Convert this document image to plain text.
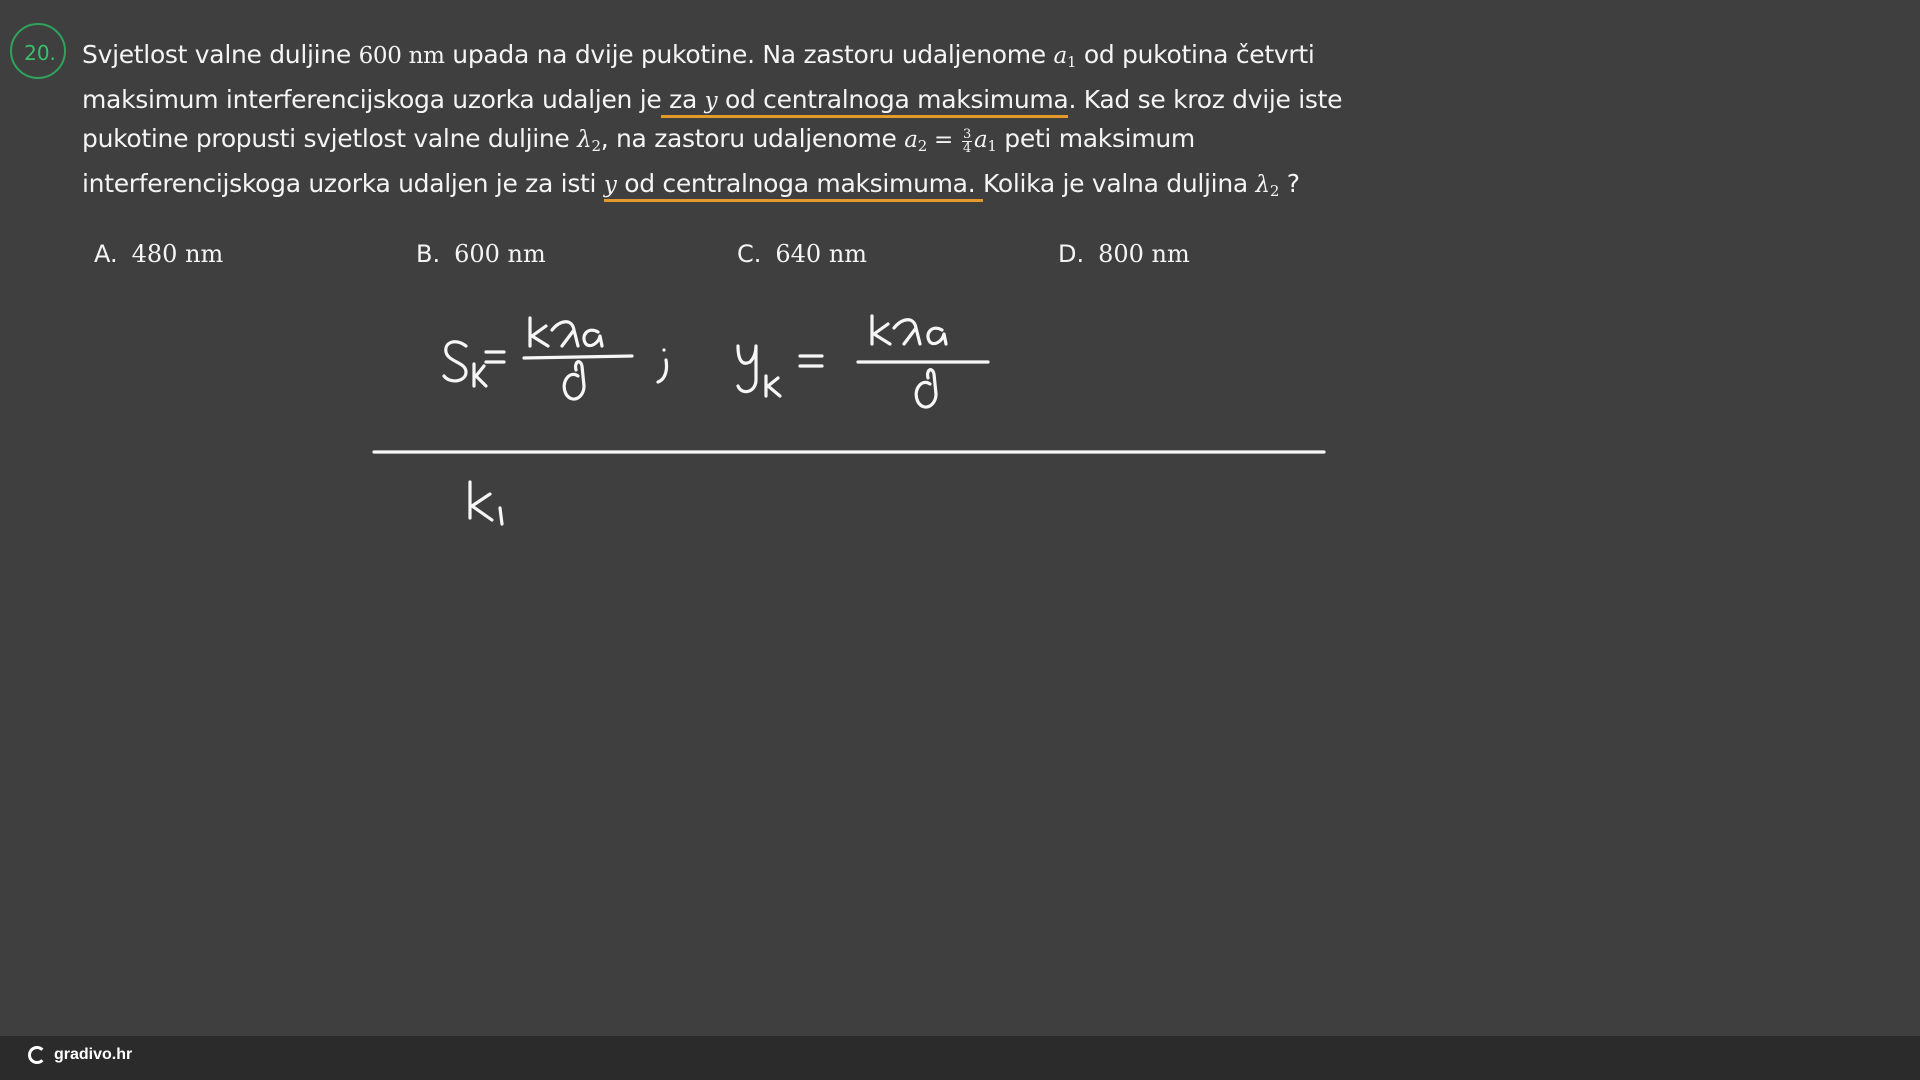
20.	Svjetlost valne duljine 600 nm upada na dvije pukotine. Na zastoru udaljenome $a_1$ od pukotina četvrti
maksimum interferencijskoga uzorka udaljen je za y od centralnoga maksimuma. Kad se kroz dvije iste
pukotine propusti svjetlost valne duljine $\lambda_2$, na zastoru udaljenome $a_2 = \frac{3}{4} a_1$ peti maksimum
interferencijskoga uzorka udaljen je za isti y od centralnoga maksimuma. Kolika je valna duljina $\lambda_2$ ?
A. 480 nm	B. 600 nm	C. 640 nm	D. 800 nm
gradivo.hr
